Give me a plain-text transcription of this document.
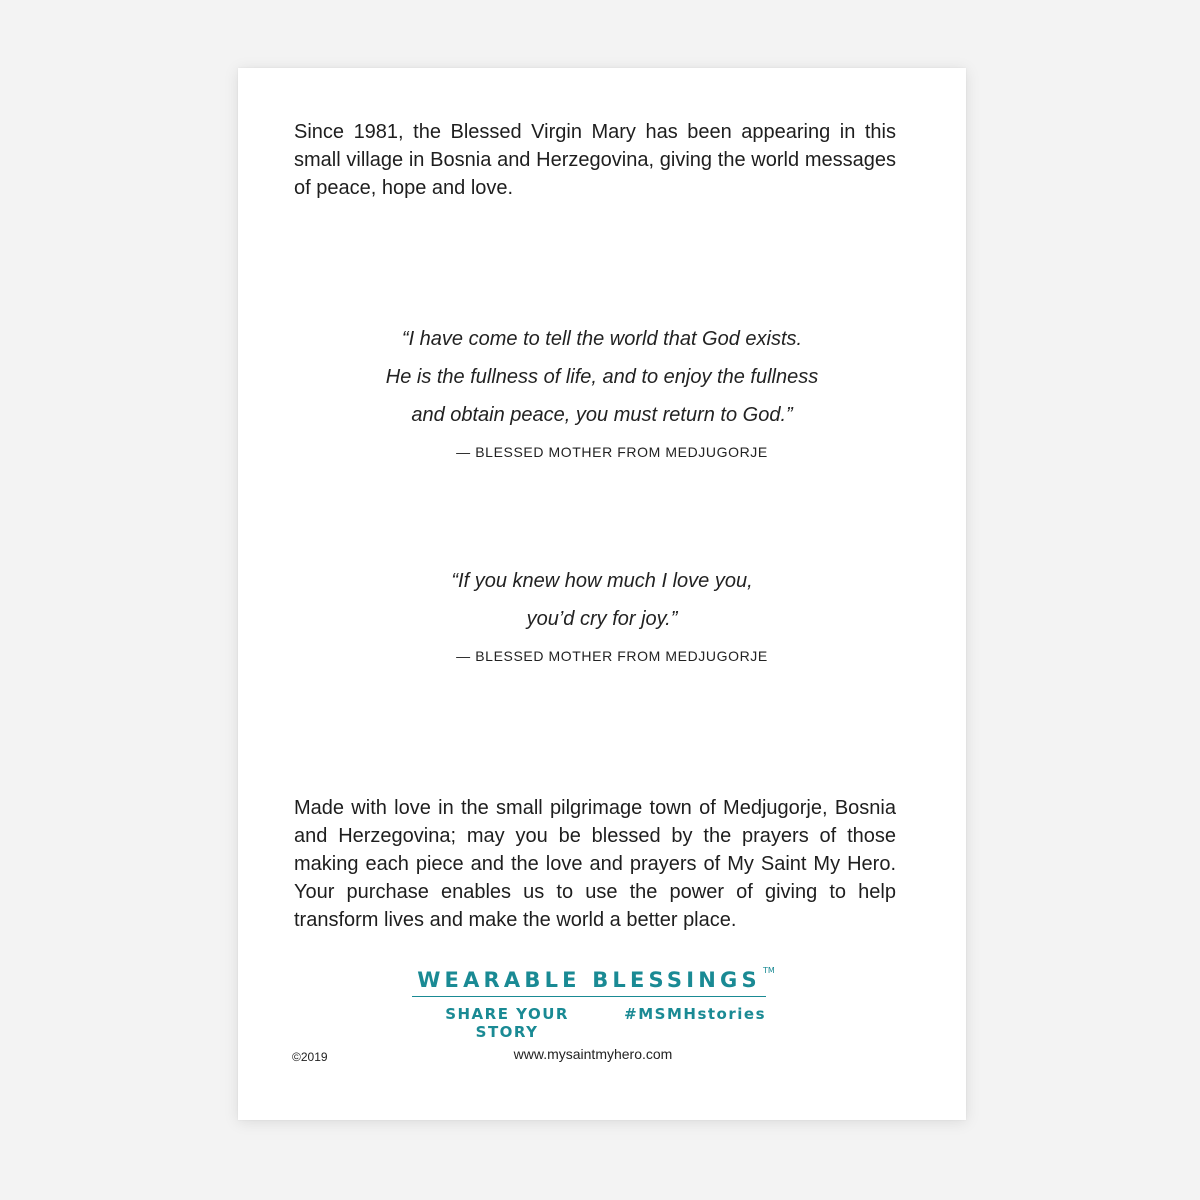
Since 1981, the Blessed Virgin Mary has been appearing in this small village in Bosnia and Herzegovina, giving the world messages of peace, hope and love.

“I have come to tell the world that God exists.
He is the fullness of life, and to enjoy the fullness
and obtain peace, you must return to God.”
— BLESSED MOTHER FROM MEDJUGORJE
“If you knew how much I love you,
you’d cry for joy.”
— BLESSED MOTHER FROM MEDJUGORJE

Made with love in the small pilgrimage town of Medjugorje, Bosnia and Herzegovina; may you be blessed by the prayers of those making each piece and the love and prayers of My Saint My Hero. Your purchase enables us to use the power of giving to help transform lives and make the world a better place.

WEARABLE BLESSINGS TM
SHARE YOUR STORY
#MSMHstories
©2019	www.mysaintmyhero.com
